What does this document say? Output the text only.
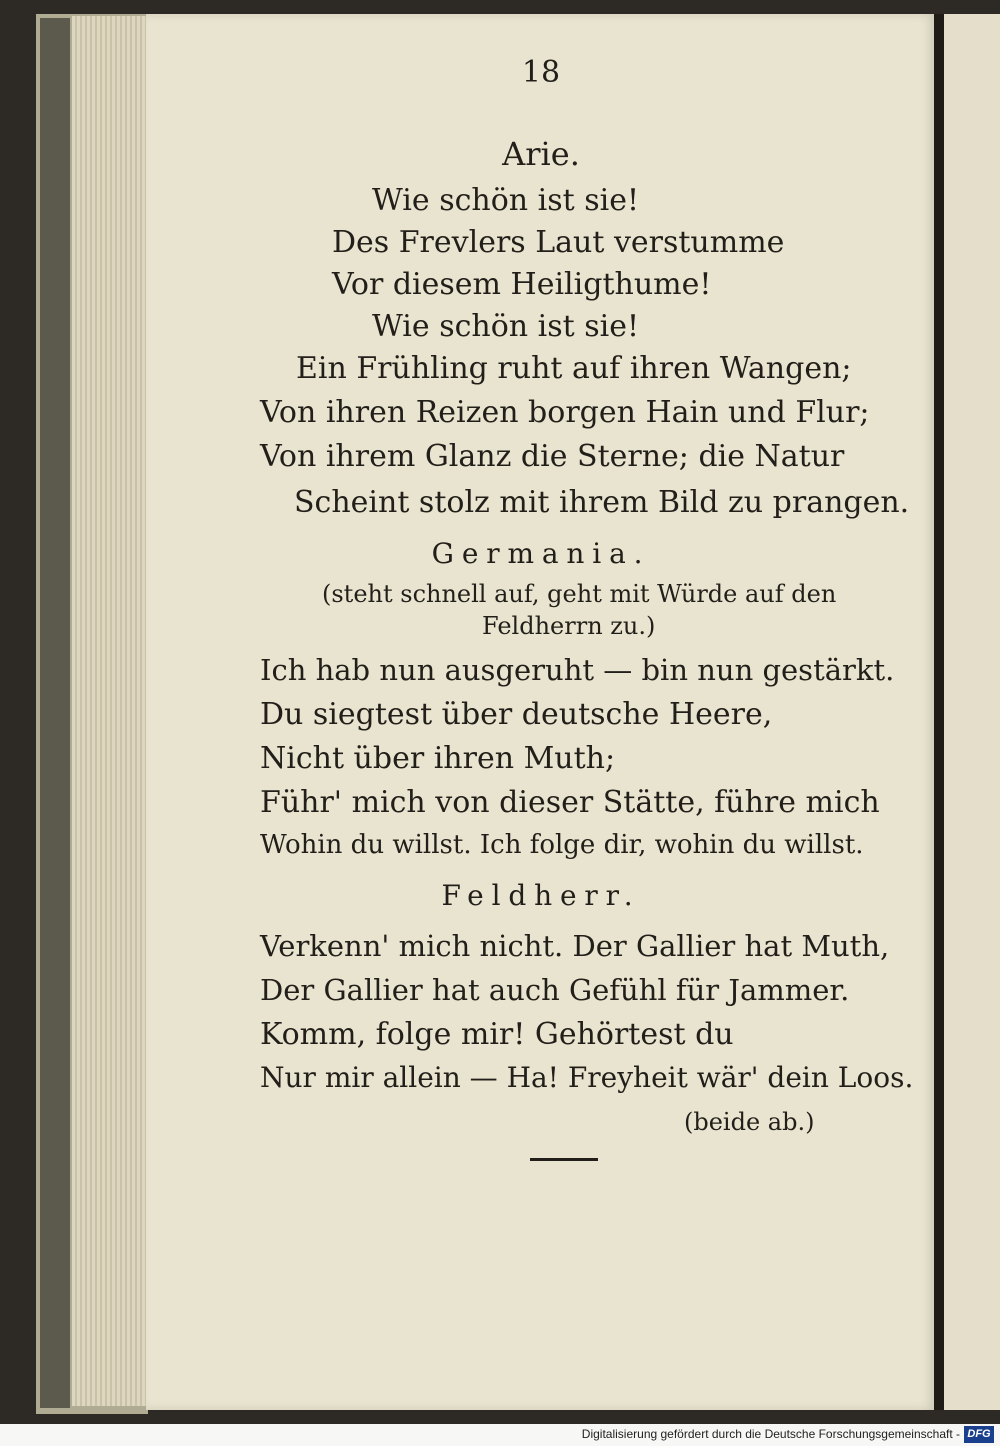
18
Arie.
Wie schön ist sie!
Des Frevlers Laut verstumme
Vor diesem Heiligthume!
Wie schön ist sie!
Ein Frühling ruht auf ihren Wangen;
Von ihren Reizen borgen Hain und Flur;
Von ihrem Glanz die Sterne; die Natur
Scheint stolz mit ihrem Bild zu prangen.
Germania.
(steht schnell auf, geht mit Würde auf den
Feldherrn zu.)
Ich hab nun ausgeruht — bin nun gestärkt.
Du siegtest über deutsche Heere,
Nicht über ihren Muth;
Führ' mich von dieser Stätte, führe mich
Wohin du willst. Ich folge dir, wohin du willst.
Feldherr.
Verkenn' mich nicht. Der Gallier hat Muth,
Der Gallier hat auch Gefühl für Jammer.
Komm, folge mir! Gehörtest du
Nur mir allein — Ha! Freyheit wär' dein Loos.
(beide ab.)
Digitalisierung gefördert durch die Deutsche Forschungsgemeinschaft - DFG
